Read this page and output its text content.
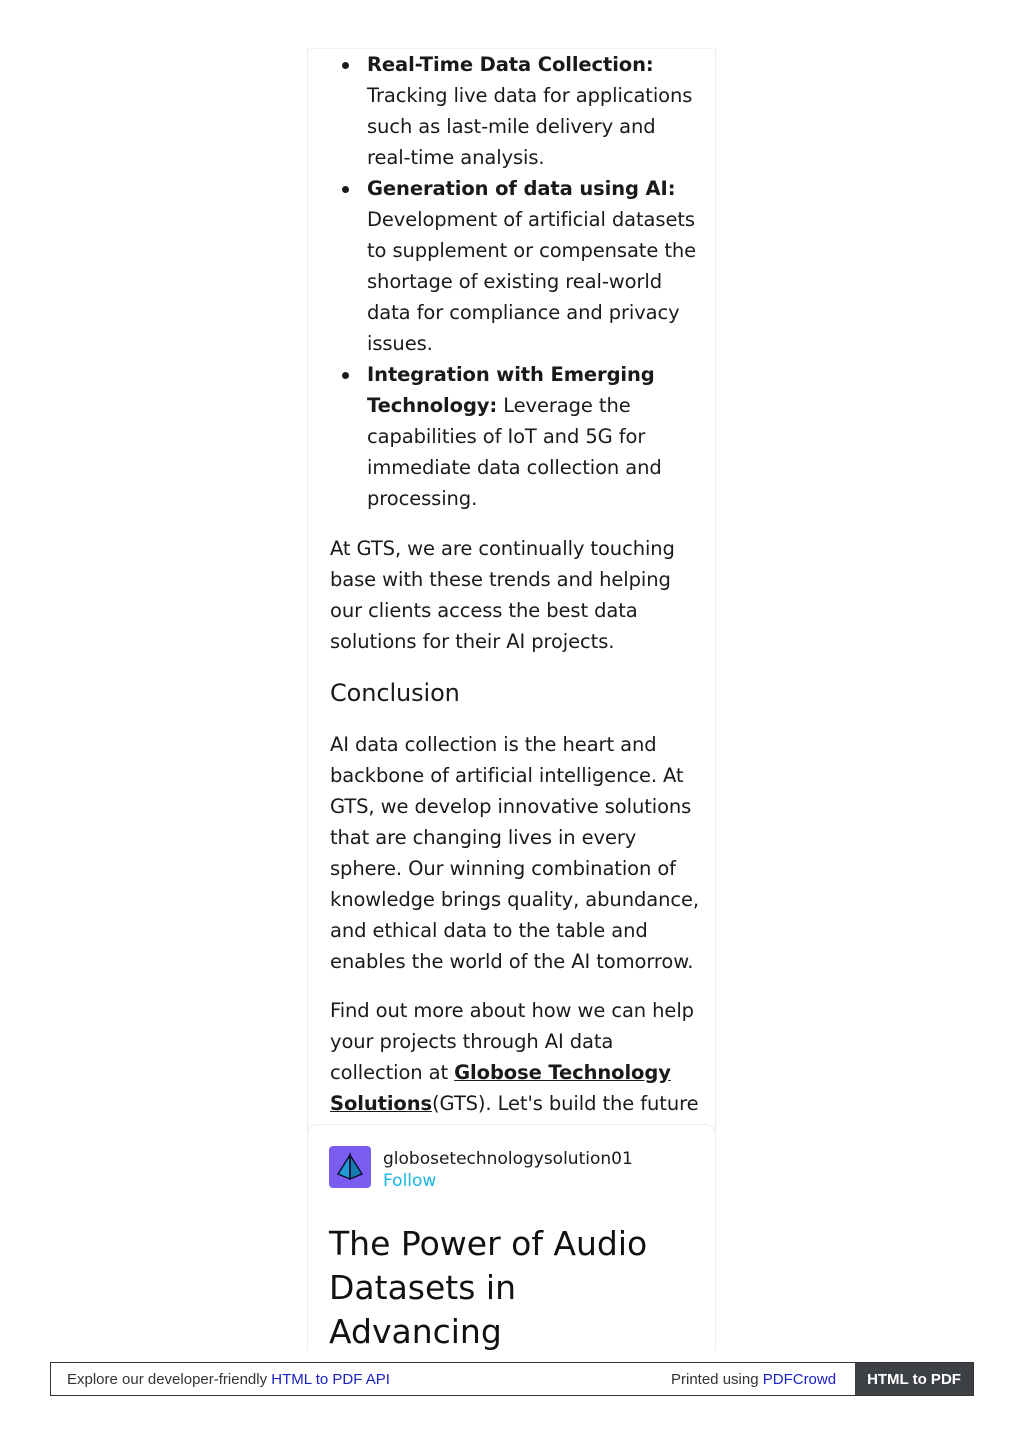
Real-Time Data Collection: Tracking live data for applications such as last-mile delivery and real-time analysis.
Generation of data using AI: Development of artificial datasets to supplement or compensate the shortage of existing real-world data for compliance and privacy issues.
Integration with Emerging Technology: Leverage the capabilities of IoT and 5G for immediate data collection and processing.

At GTS, we are continually touching base with these trends and helping our clients access the best data solutions for their AI projects.

Conclusion

AI data collection is the heart and backbone of artificial intelligence. At GTS, we develop innovative solutions that are changing lives in every sphere. Our winning combination of knowledge brings quality, abundance, and ethical data to the table and enables the world of the AI tomorrow.

Find out more about how we can help your projects through AI data collection at Globose Technology Solutions(GTS). Let's build the future

globosetechnologysolution01
Follow
The Power of Audio Datasets in Advancing
Explore our developer-friendly HTML to PDF API	Printed using PDFCrowd	HTML to PDF
